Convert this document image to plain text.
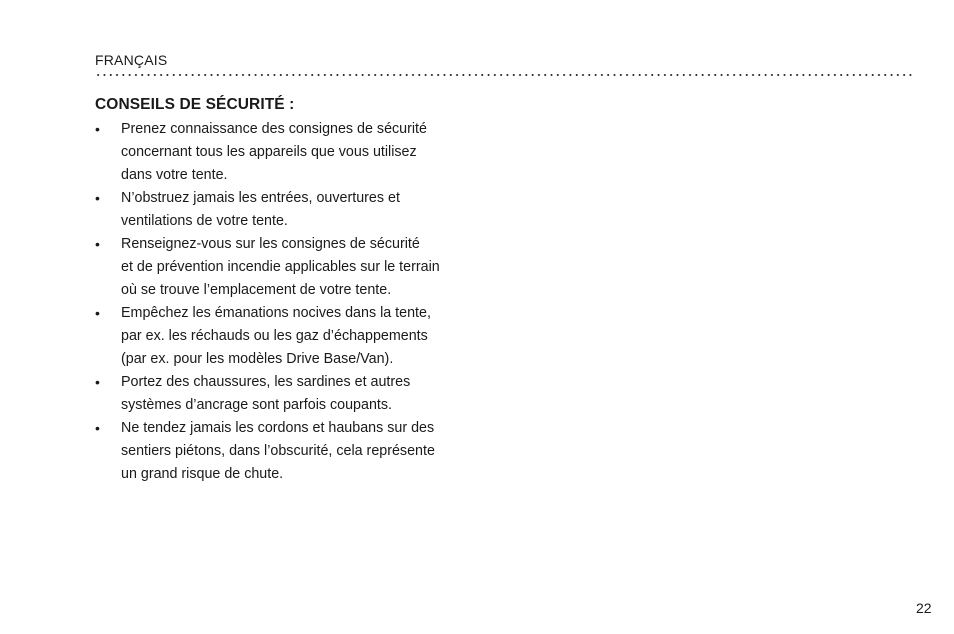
FRANÇAIS
CONSEILS DE SÉCURITÉ :
•	Prenez connaissance des consignes de sécurité
concernant tous les appareils que vous utilisez
dans votre tente.
•	N’obstruez jamais les entrées, ouvertures et
ventilations de votre tente.
•	Renseignez-vous sur les consignes de sécurité
et de prévention incendie applicables sur le terrain
où se trouve l’emplacement de votre tente.
•	Empêchez les émanations nocives dans la tente,
par ex. les réchauds ou les gaz d’échappements
(par ex. pour les modèles Drive Base/Van).
•	Portez des chaussures, les sardines et autres
systèmes d’ancrage sont parfois coupants.
•	Ne tendez jamais les cordons et haubans sur des
sentiers piétons, dans l’obscurité, cela représente
un grand risque de chute.
22
